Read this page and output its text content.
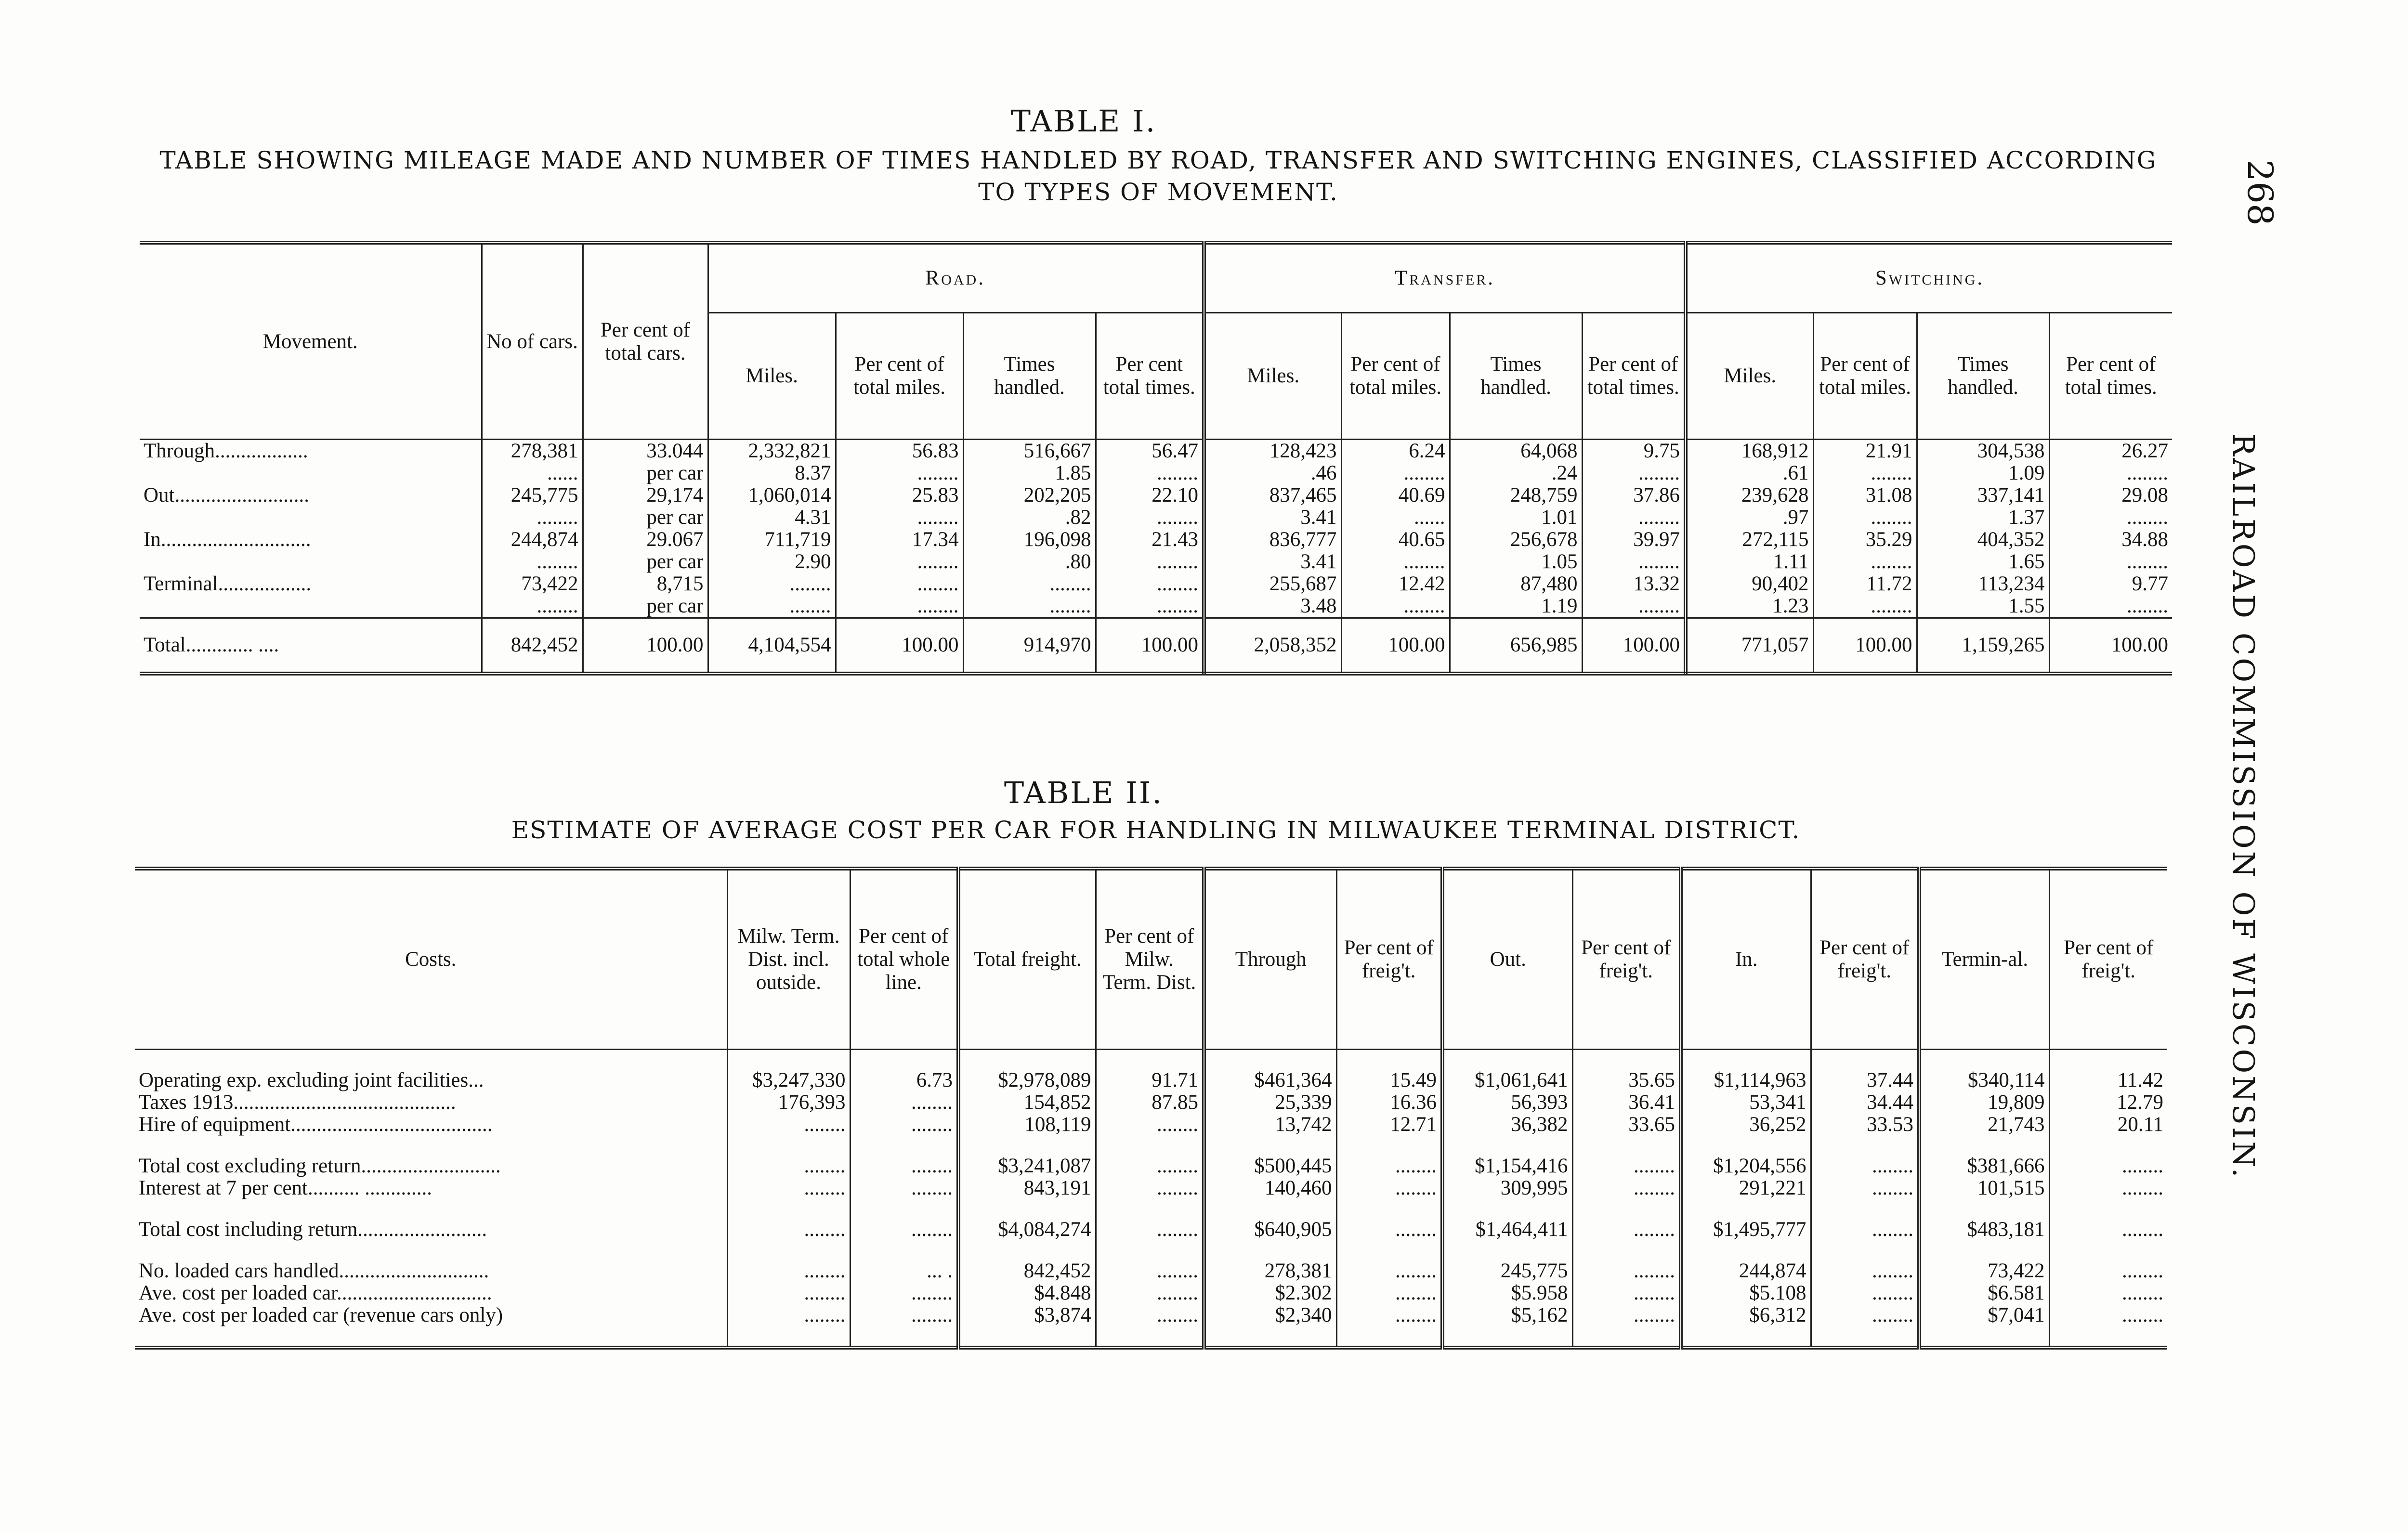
TABLE I.
TABLE SHOWING MILEAGE MADE AND NUMBER OF TIMES HANDLED BY ROAD, TRANSFER AND SWITCHING ENGINES, CLASSIFIED ACCORDING TO TYPES OF MOVEMENT.	268
RAILROAD COMMISSION OF WISCONSIN.
Movement.	No of cars.	Per cent of total cars.	Road.				Transfer.				Switching.			
			Miles.	Per cent of total miles.	Times handled.	Per cent total times.	Miles.	Per cent of total miles.	Times handled.	Per cent of total times.	Miles.	Per cent of total miles.	Times handled.	Per cent of total times.
Through..................	278,381	33.044	2,332,821	56.83	516,667	56.47	128,423	6.24	64,068	9.75	168,912	21.91	304,538	26.27
	......	per car	8.37	........	1.85	........	.46	........	.24	........	.61	........	1.09	........
Out..........................	245,775	29,174	1,060,014	25.83	202,205	22.10	837,465	40.69	248,759	37.86	239,628	31.08	337,141	29.08
	........	per car	4.31	........	.82	........	3.41	......	1.01	........	.97	........	1.37	........
In.............................	244,874	29.067	711,719	17.34	196,098	21.43	836,777	40.65	256,678	39.97	272,115	35.29	404,352	34.88
	........	per car	2.90	........	.80	........	3.41	........	1.05	........	1.11	........	1.65	........
Terminal..................	73,422	8,715	........	........	........	........	255,687	12.42	87,480	13.32	90,402	11.72	113,234	9.77
	........	per car	........	........	........	........	3.48	........	1.19	........	1.23	........	1.55	........
Total............. ....	842,452	100.00	4,104,554	100.00	914,970	100.00	2,058,352	100.00	656,985	100.00	771,057	100.00	1,159,265	100.00
TABLE II.
ESTIMATE OF AVERAGE COST PER CAR FOR HANDLING IN MILWAUKEE TERMINAL DISTRICT.
Costs.	Milw. Term. Dist. incl. outside.	Per cent of total whole line.	Total freight.	Per cent of Milw. Term. Dist.	Through	Per cent of freig't.	Out.	Per cent of freig't.	In.	Per cent of freig't.	Termin-al.	Per cent of freig't.

Operating exp. excluding joint facilities...	$3,247,330	6.73	$2,978,089	91.71	$461,364	15.49	$1,061,641	35.65	$1,114,963	37.44	$340,114	11.42
Taxes 1913...........................................	176,393	........	154,852	87.85	25,339	16.36	56,393	36.41	53,341	34.44	19,809	12.79
Hire of equipment.......................................	........	........	108,119	........	13,742	12.71	36,382	33.65	36,252	33.53	21,743	20.11

Total cost excluding return...........................	........	........	$3,241,087	........	$500,445	........	$1,154,416	........	$1,204,556	........	$381,666	........
Interest at 7 per cent.......... .............	........	........	843,191	........	140,460	........	309,995	........	291,221	........	101,515	........

Total cost including return.........................	........	........	$4,084,274	........	$640,905	........	$1,464,411	........	$1,495,777	........	$483,181	........

No. loaded cars handled.............................	........	... .	842,452	........	278,381	........	245,775	........	244,874	........	73,422	........
Ave. cost per loaded car..............................	........	........	$4.848	........	$2.302	........	$5.958	........	$5.108	........	$6.581	........
Ave. cost per loaded car (revenue cars only)	........	........	$3,874	........	$2,340	........	$5,162	........	$6,312	........	$7,041	........
